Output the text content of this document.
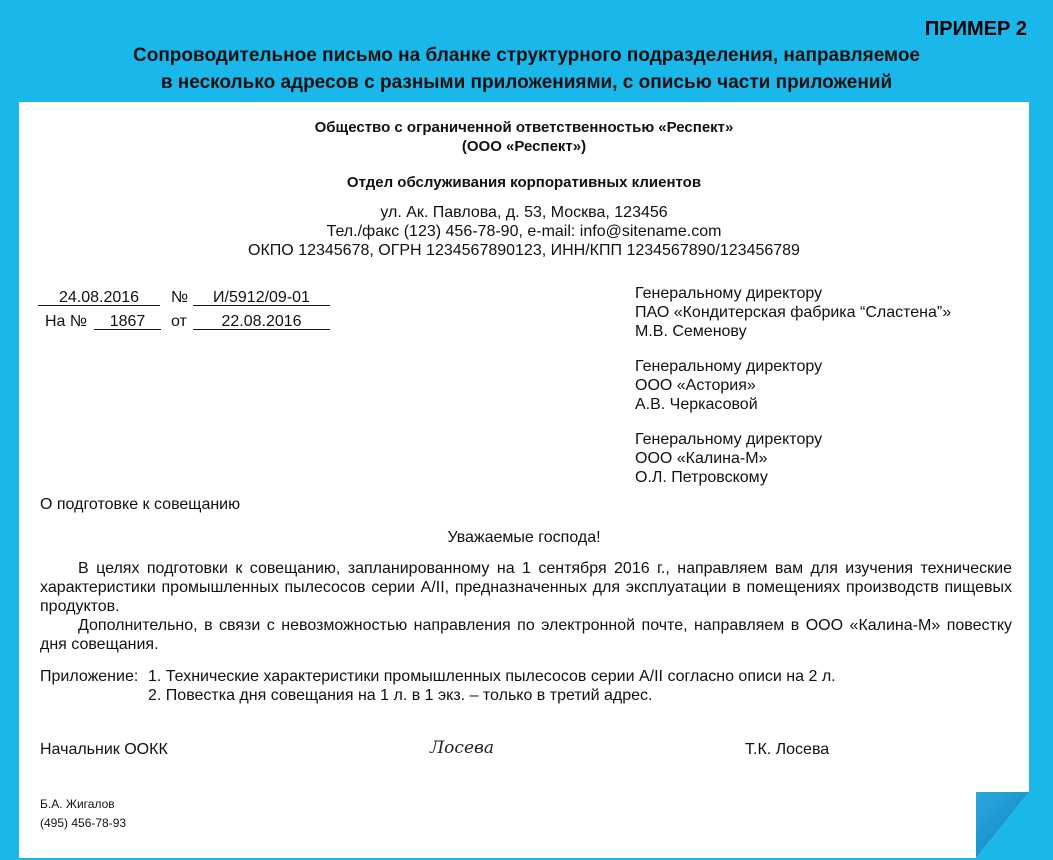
ПРИМЕР 2
Сопроводительное письмо на бланке структурного подразделения, направляемое
в несколько адресов с разными приложениями, с описью части приложений
Общество с ограниченной ответственностью «Респект»
(ООО «Респект»)
Отдел обслуживания корпоративных клиентов
ул. Ак. Павлова, д. 53, Москва, 123456
Тел./факс (123) 456-78-90, e-mail: info@sitename.com
ОКПО 12345678, ОГРН 1234567890123, ИНН/КПП 1234567890/123456789
24.08.2016	№	И/5912/09-01
На №	1867	от	22.08.2016
Генеральному директору
ПАО «Кондитерская фабрика “Сластена”»
М.В. Семенову
Генеральному директору
ООО «Астория»
А.В. Черкасовой
Генеральному директору
ООО «Калина-М»
О.Л. Петровскому
О подготовке к совещанию
Уважаемые господа!
В целях подготовки к совещанию, запланированному на 1 сентября 2016 г., направляем вам для изучения технические характеристики промышленных пылесосов серии А/II, предназначенных для эксплуатации в помещениях производств пищевых продуктов.
Дополнительно, в связи с невозможностью направления по электронной почте, направляем в ООО «Калина-М» повестку дня совещания.
Приложение: 1. Технические характеристики промышленных пылесосов серии А/II согласно описи на 2 л.
2. Повестка дня совещания на 1 л. в 1 экз. – только в третий адрес.
Начальник ООКК	Лосева	Т.К. Лосева
Б.А. Жигалов
(495) 456-78-93
